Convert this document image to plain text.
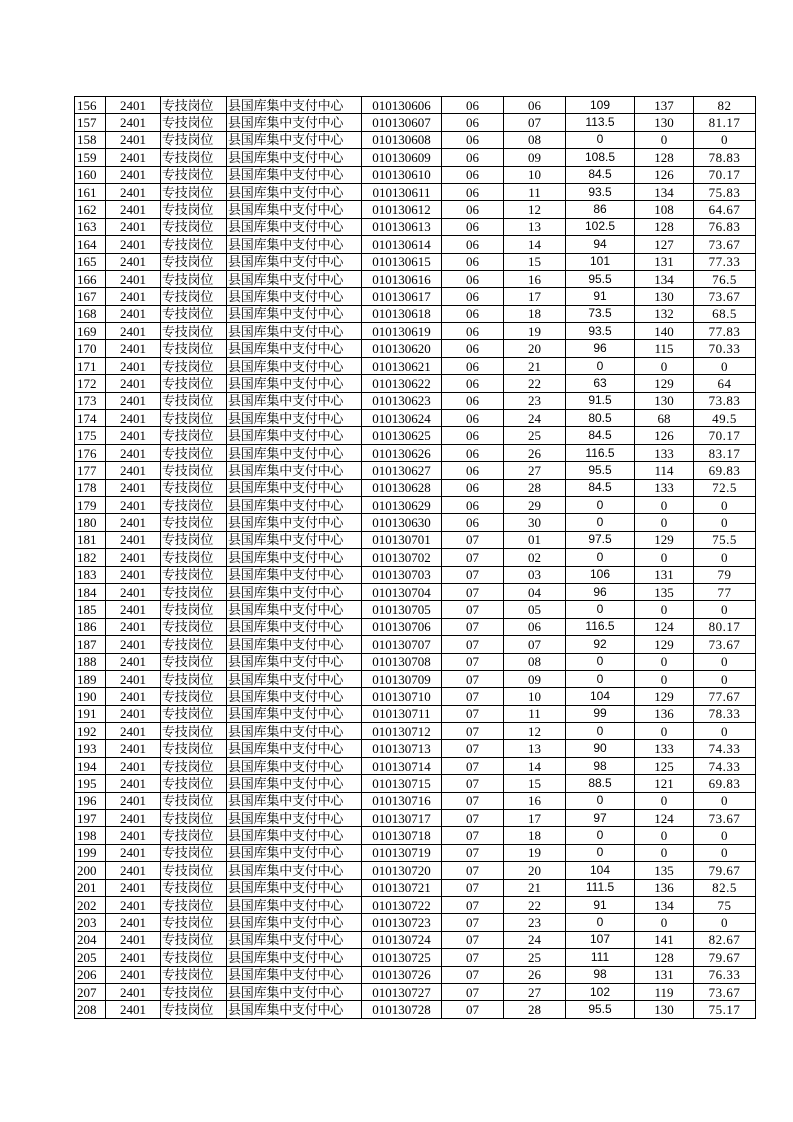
156	2401	专技岗位	县国库集中支付中心	010130606	06	06	109	137	82
157	2401	专技岗位	县国库集中支付中心	010130607	06	07	113.5	130	81.17
158	2401	专技岗位	县国库集中支付中心	010130608	06	08	0	0	0
159	2401	专技岗位	县国库集中支付中心	010130609	06	09	108.5	128	78.83
160	2401	专技岗位	县国库集中支付中心	010130610	06	10	84.5	126	70.17
161	2401	专技岗位	县国库集中支付中心	010130611	06	11	93.5	134	75.83
162	2401	专技岗位	县国库集中支付中心	010130612	06	12	86	108	64.67
163	2401	专技岗位	县国库集中支付中心	010130613	06	13	102.5	128	76.83
164	2401	专技岗位	县国库集中支付中心	010130614	06	14	94	127	73.67
165	2401	专技岗位	县国库集中支付中心	010130615	06	15	101	131	77.33
166	2401	专技岗位	县国库集中支付中心	010130616	06	16	95.5	134	76.5
167	2401	专技岗位	县国库集中支付中心	010130617	06	17	91	130	73.67
168	2401	专技岗位	县国库集中支付中心	010130618	06	18	73.5	132	68.5
169	2401	专技岗位	县国库集中支付中心	010130619	06	19	93.5	140	77.83
170	2401	专技岗位	县国库集中支付中心	010130620	06	20	96	115	70.33
171	2401	专技岗位	县国库集中支付中心	010130621	06	21	0	0	0
172	2401	专技岗位	县国库集中支付中心	010130622	06	22	63	129	64
173	2401	专技岗位	县国库集中支付中心	010130623	06	23	91.5	130	73.83
174	2401	专技岗位	县国库集中支付中心	010130624	06	24	80.5	68	49.5
175	2401	专技岗位	县国库集中支付中心	010130625	06	25	84.5	126	70.17
176	2401	专技岗位	县国库集中支付中心	010130626	06	26	116.5	133	83.17
177	2401	专技岗位	县国库集中支付中心	010130627	06	27	95.5	114	69.83
178	2401	专技岗位	县国库集中支付中心	010130628	06	28	84.5	133	72.5
179	2401	专技岗位	县国库集中支付中心	010130629	06	29	0	0	0
180	2401	专技岗位	县国库集中支付中心	010130630	06	30	0	0	0
181	2401	专技岗位	县国库集中支付中心	010130701	07	01	97.5	129	75.5
182	2401	专技岗位	县国库集中支付中心	010130702	07	02	0	0	0
183	2401	专技岗位	县国库集中支付中心	010130703	07	03	106	131	79
184	2401	专技岗位	县国库集中支付中心	010130704	07	04	96	135	77
185	2401	专技岗位	县国库集中支付中心	010130705	07	05	0	0	0
186	2401	专技岗位	县国库集中支付中心	010130706	07	06	116.5	124	80.17
187	2401	专技岗位	县国库集中支付中心	010130707	07	07	92	129	73.67
188	2401	专技岗位	县国库集中支付中心	010130708	07	08	0	0	0
189	2401	专技岗位	县国库集中支付中心	010130709	07	09	0	0	0
190	2401	专技岗位	县国库集中支付中心	010130710	07	10	104	129	77.67
191	2401	专技岗位	县国库集中支付中心	010130711	07	11	99	136	78.33
192	2401	专技岗位	县国库集中支付中心	010130712	07	12	0	0	0
193	2401	专技岗位	县国库集中支付中心	010130713	07	13	90	133	74.33
194	2401	专技岗位	县国库集中支付中心	010130714	07	14	98	125	74.33
195	2401	专技岗位	县国库集中支付中心	010130715	07	15	88.5	121	69.83
196	2401	专技岗位	县国库集中支付中心	010130716	07	16	0	0	0
197	2401	专技岗位	县国库集中支付中心	010130717	07	17	97	124	73.67
198	2401	专技岗位	县国库集中支付中心	010130718	07	18	0	0	0
199	2401	专技岗位	县国库集中支付中心	010130719	07	19	0	0	0
200	2401	专技岗位	县国库集中支付中心	010130720	07	20	104	135	79.67
201	2401	专技岗位	县国库集中支付中心	010130721	07	21	111.5	136	82.5
202	2401	专技岗位	县国库集中支付中心	010130722	07	22	91	134	75
203	2401	专技岗位	县国库集中支付中心	010130723	07	23	0	0	0
204	2401	专技岗位	县国库集中支付中心	010130724	07	24	107	141	82.67
205	2401	专技岗位	县国库集中支付中心	010130725	07	25	111	128	79.67
206	2401	专技岗位	县国库集中支付中心	010130726	07	26	98	131	76.33
207	2401	专技岗位	县国库集中支付中心	010130727	07	27	102	119	73.67
208	2401	专技岗位	县国库集中支付中心	010130728	07	28	95.5	130	75.17
